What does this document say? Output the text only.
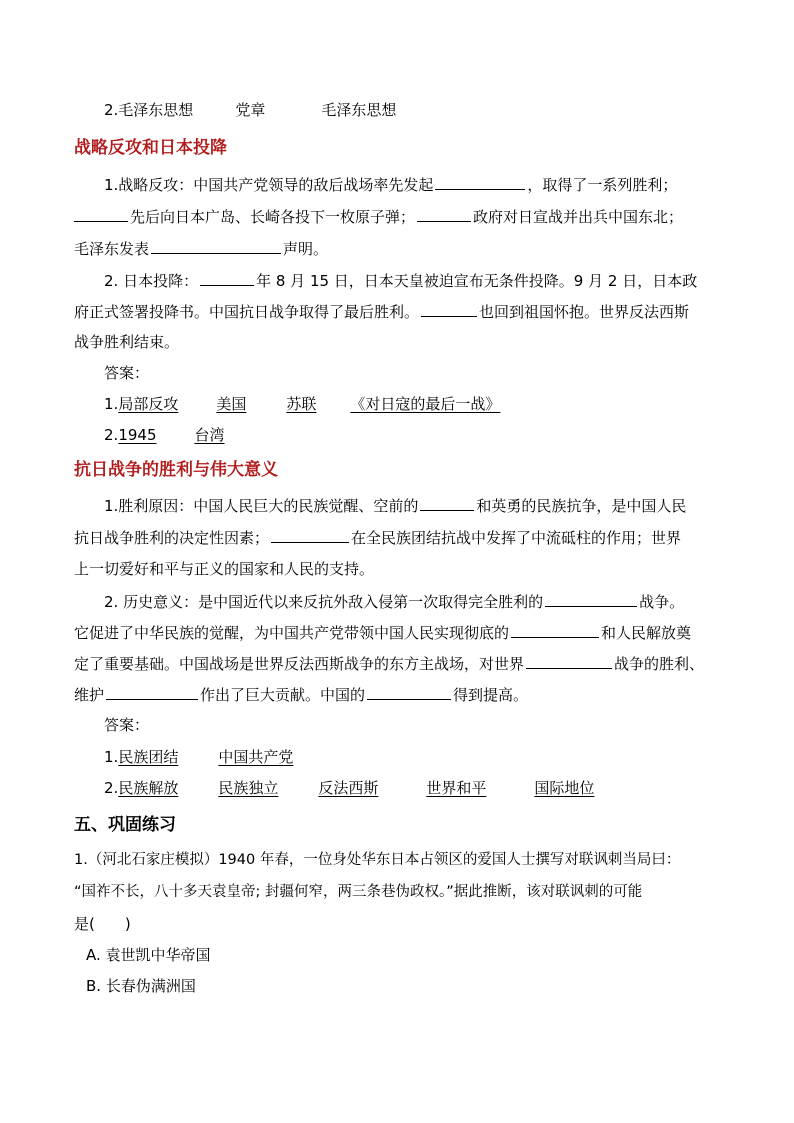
2.毛泽东思想	党章	毛泽东思想
战略反攻和日本投降
1.战略反攻：中国共产党领导的敌后战场率先发起	，取得了一系列胜利；
先后向日本广岛、长崎各投下一枚原子弹；	政府对日宣战并出兵中国东北；
毛泽东发表	声明。
2. 日本投降：	年 8 月 15 日，日本天皇被迫宣布无条件投降。9 月 2 日，日本政
府正式签署投降书。中国抗日战争取得了最后胜利。	也回到祖国怀抱。世界反法西斯
战争胜利结束。
答案：
1.局部反攻	美国	苏联 《对日寇的最后一战》
2.1945	台湾
抗日战争的胜利与伟大意义
1.胜利原因：中国人民巨大的民族觉醒、空前的	和英勇的民族抗争，是中国人民
抗日战争胜利的决定性因素；	在全民族团结抗战中发挥了中流砥柱的作用；世界
上一切爱好和平与正义的国家和人民的支持。
2. 历史意义：是中国近代以来反抗外敌入侵第一次取得完全胜利的	战争。
它促进了中华民族的觉醒，为中国共产党带领中国人民实现彻底的	和人民解放奠
定了重要基础。中国战场是世界反法西斯战争的东方主战场，对世界	战争的胜利、
维护	作出了巨大贡献。中国的	得到提高。
答案：
1.民族团结	中国共产党
2.民族解放	民族独立	反法西斯	世界和平	国际地位
五、巩固练习
1.（河北石家庄模拟）1940 年春，一位身处华东日本占领区的爱国人士撰写对联讽刺当局曰：
“国祚不长，八十多天袁皇帝; 封疆何窄，两三条巷伪政权。”据此推断，该对联讽刺的可能
是(　　)
A. 袁世凯中华帝国
B. 长春伪满洲国
